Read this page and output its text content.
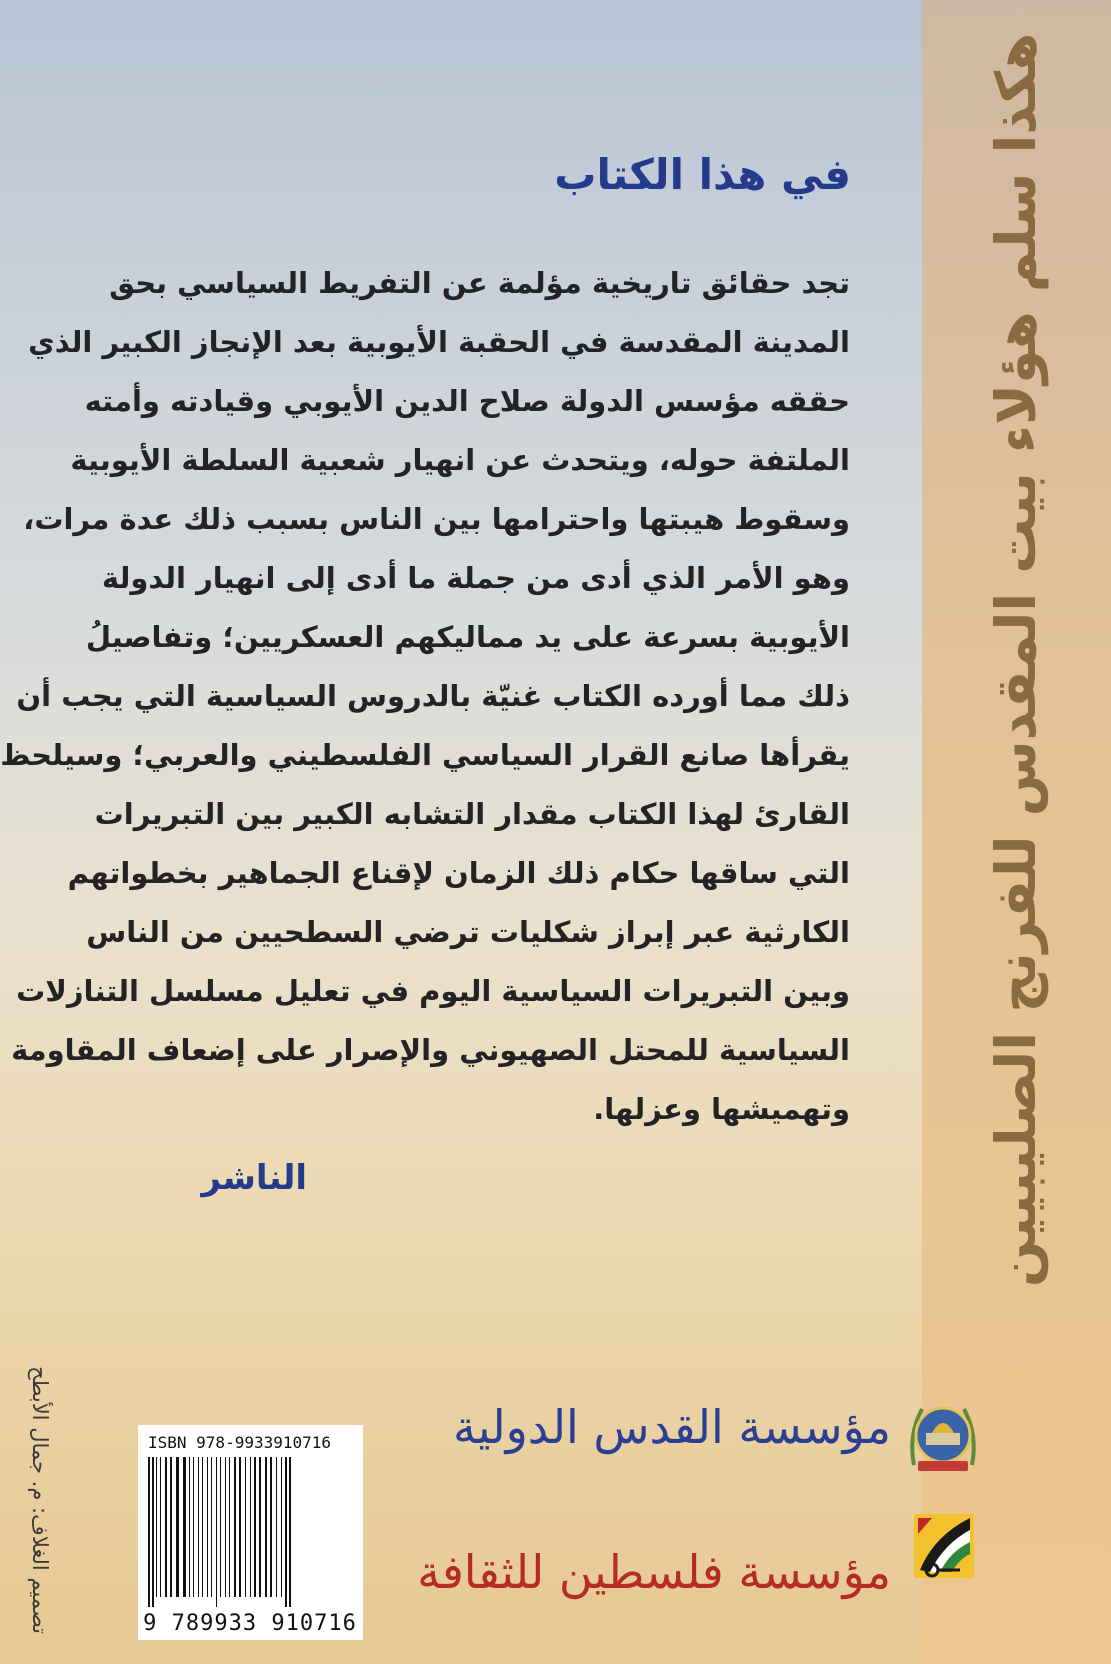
هكذا سلم هؤلاء بيت المقدس للفرنج الصليبيين
في هذا الكتاب
تجد حقائق تاريخية مؤلمة عن التفريط السياسي بحق
المدينة المقدسة في الحقبة الأيوبية بعد الإنجاز الكبير الذي
حققه مؤسس الدولة صلاح الدين الأيوبي وقيادته وأمته
الملتفة حوله، ويتحدث عن انهيار شعبية السلطة الأيوبية
وسقوط هيبتها واحترامها بين الناس بسبب ذلك عدة مرات،
وهو الأمر الذي أدى من جملة ما أدى إلى انهيار الدولة
الأيوبية بسرعة على يد مماليكهم العسكريين؛ وتفاصيلُ
ذلك مما أورده الكتاب غنيّة بالدروس السياسية التي يجب أن
يقرأها صانع القرار السياسي الفلسطيني والعربي؛ وسيلحظ
القارئ لهذا الكتاب مقدار التشابه الكبير بين التبريرات
التي ساقها حكام ذلك الزمان لإقناع الجماهير بخطواتهم
الكارثية عبر إبراز شكليات ترضي السطحيين من الناس
وبين التبريرات السياسية اليوم في تعليل مسلسل التنازلات
السياسية للمحتل الصهيوني والإصرار على إضعاف المقاومة
وتهميشها وعزلها.
الناشر
تصميم الغلاف: م. جمال الأبطح	ISBN 978-9933910716
9 789933 910716
مؤسسة القدس الدولية
مؤسسة فلسطين للثقافة
